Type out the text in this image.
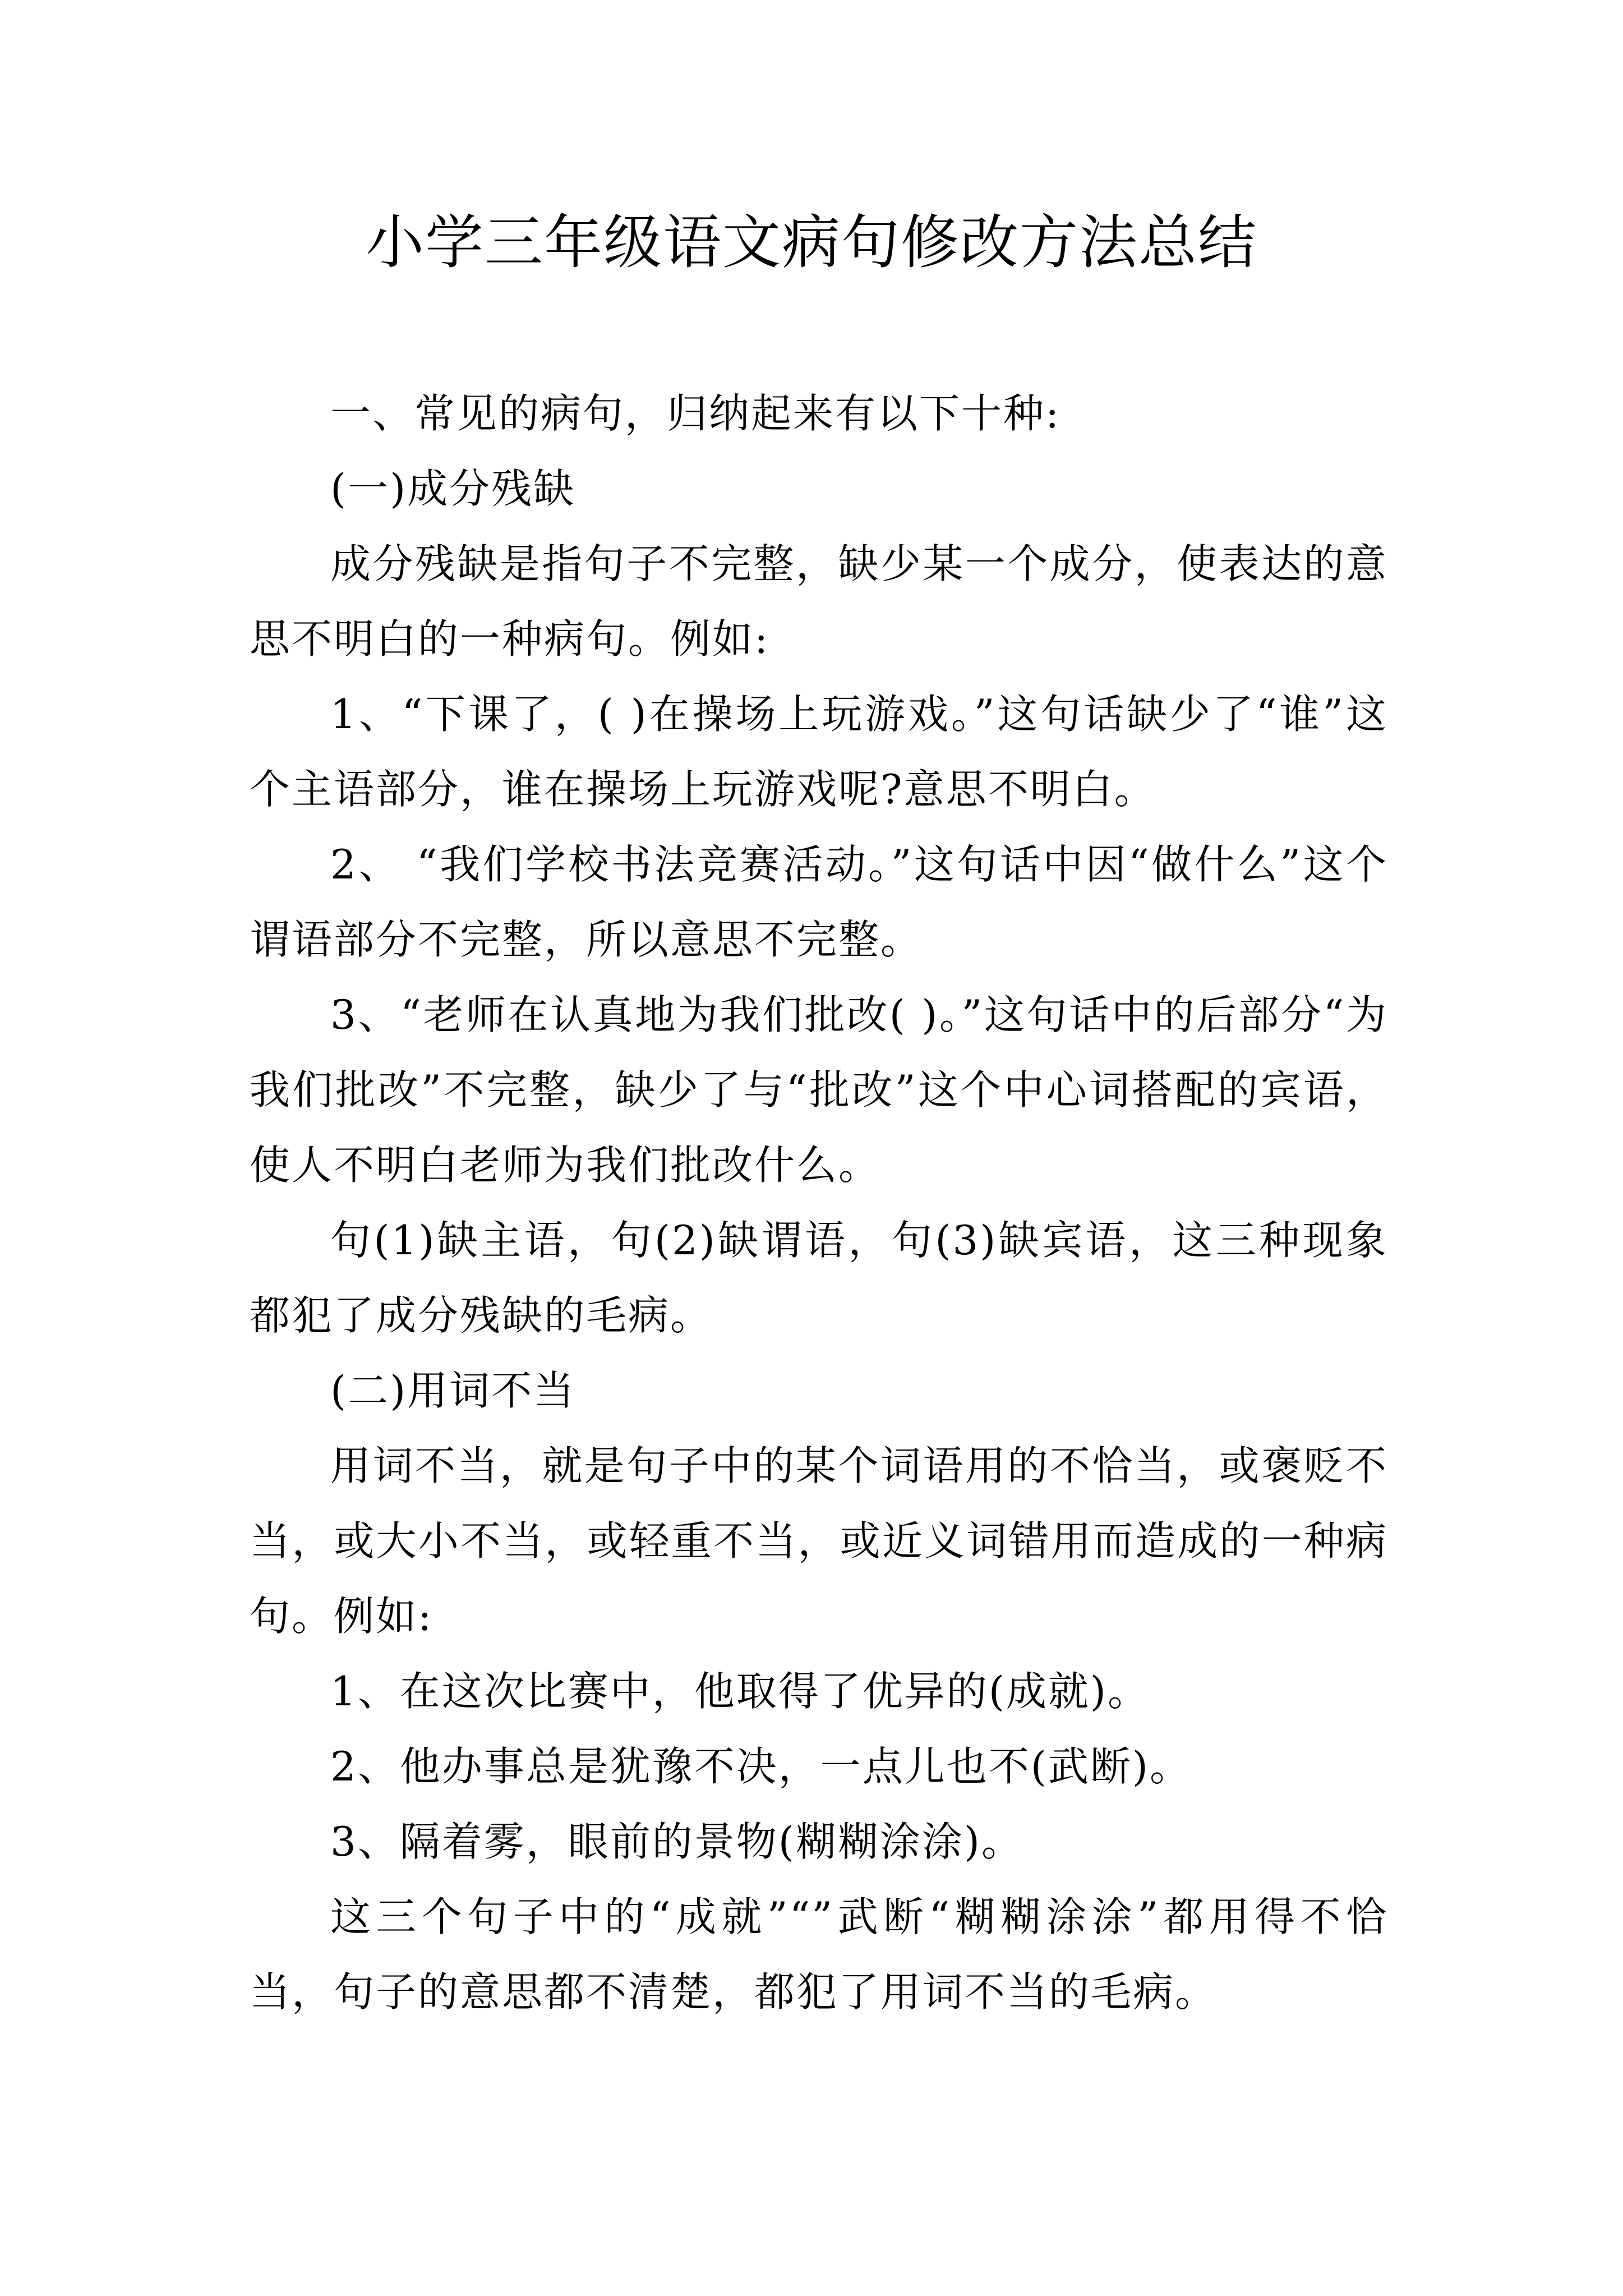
小学三年级语文病句修改方法总结

一、常见的病句，归纳起来有以下十种:

(一)成分残缺

成分残缺是指句子不完整，缺少某一个成分，使表达的意思不明白的一种病句。例如:

1、“下课了，( )在操场上玩游戏。”这句话缺少了“谁”这个主语部分，谁在操场上玩游戏呢?意思不明白。

2、 “我们学校书法竞赛活动。”这句话中因“做什么”这个谓语部分不完整，所以意思不完整。

3、“老师在认真地为我们批改( )。”这句话中的后部分“为我们批改”不完整，缺少了与“批改”这个中心词搭配的宾语，使人不明白老师为我们批改什么。

句(1)缺主语，句(2)缺谓语，句(3)缺宾语，这三种现象都犯了成分残缺的毛病。

(二)用词不当

用词不当，就是句子中的某个词语用的不恰当，或褒贬不当，或大小不当，或轻重不当，或近义词错用而造成的一种病句。例如:

1、在这次比赛中，他取得了优异的(成就)。

2、他办事总是犹豫不决，一点儿也不(武断)。

3、隔着雾，眼前的景物(糊糊涂涂)。

这三个句子中的“成就”“”武断“糊糊涂涂”都用得不恰当，句子的意思都不清楚，都犯了用词不当的毛病。
